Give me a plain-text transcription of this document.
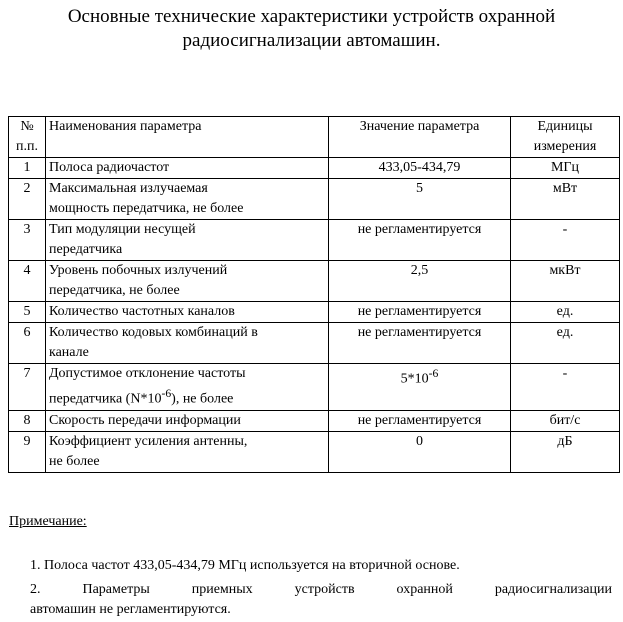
Основные технические характеристики устройств охранной
радиосигнализации автомашин.
№
п.п.	Наименования параметра	Значение параметра	Единицы
измерения

1	Полоса радиочастот	433,05-434,79	МГц
2	Максимальная излучаемая
мощность передатчика, не более	5	мВт
3	Тип модуляции несущей
передатчика	не регламентируется	-
4	Уровень побочных излучений
передатчика, не более	2,5	мкВт
5	Количество частотных каналов	не регламентируется	ед.
6	Количество кодовых комбинаций в
канале	не регламентируется	ед.
7	Допустимое отклонение частоты
передатчика $(N*10^{-6})$, не более	$5*10^{-6}$	-
8	Скорость передачи информации	не регламентируется	бит/с
9	Коэффициент усиления антенны,
не более	0	дБ
Примечание:
1. Полоса частот 433,05-434,79 МГц используется на вторичной основе.
2. Параметры приемных устройств охранной радиосигнализации
автомашин не регламентируются.
